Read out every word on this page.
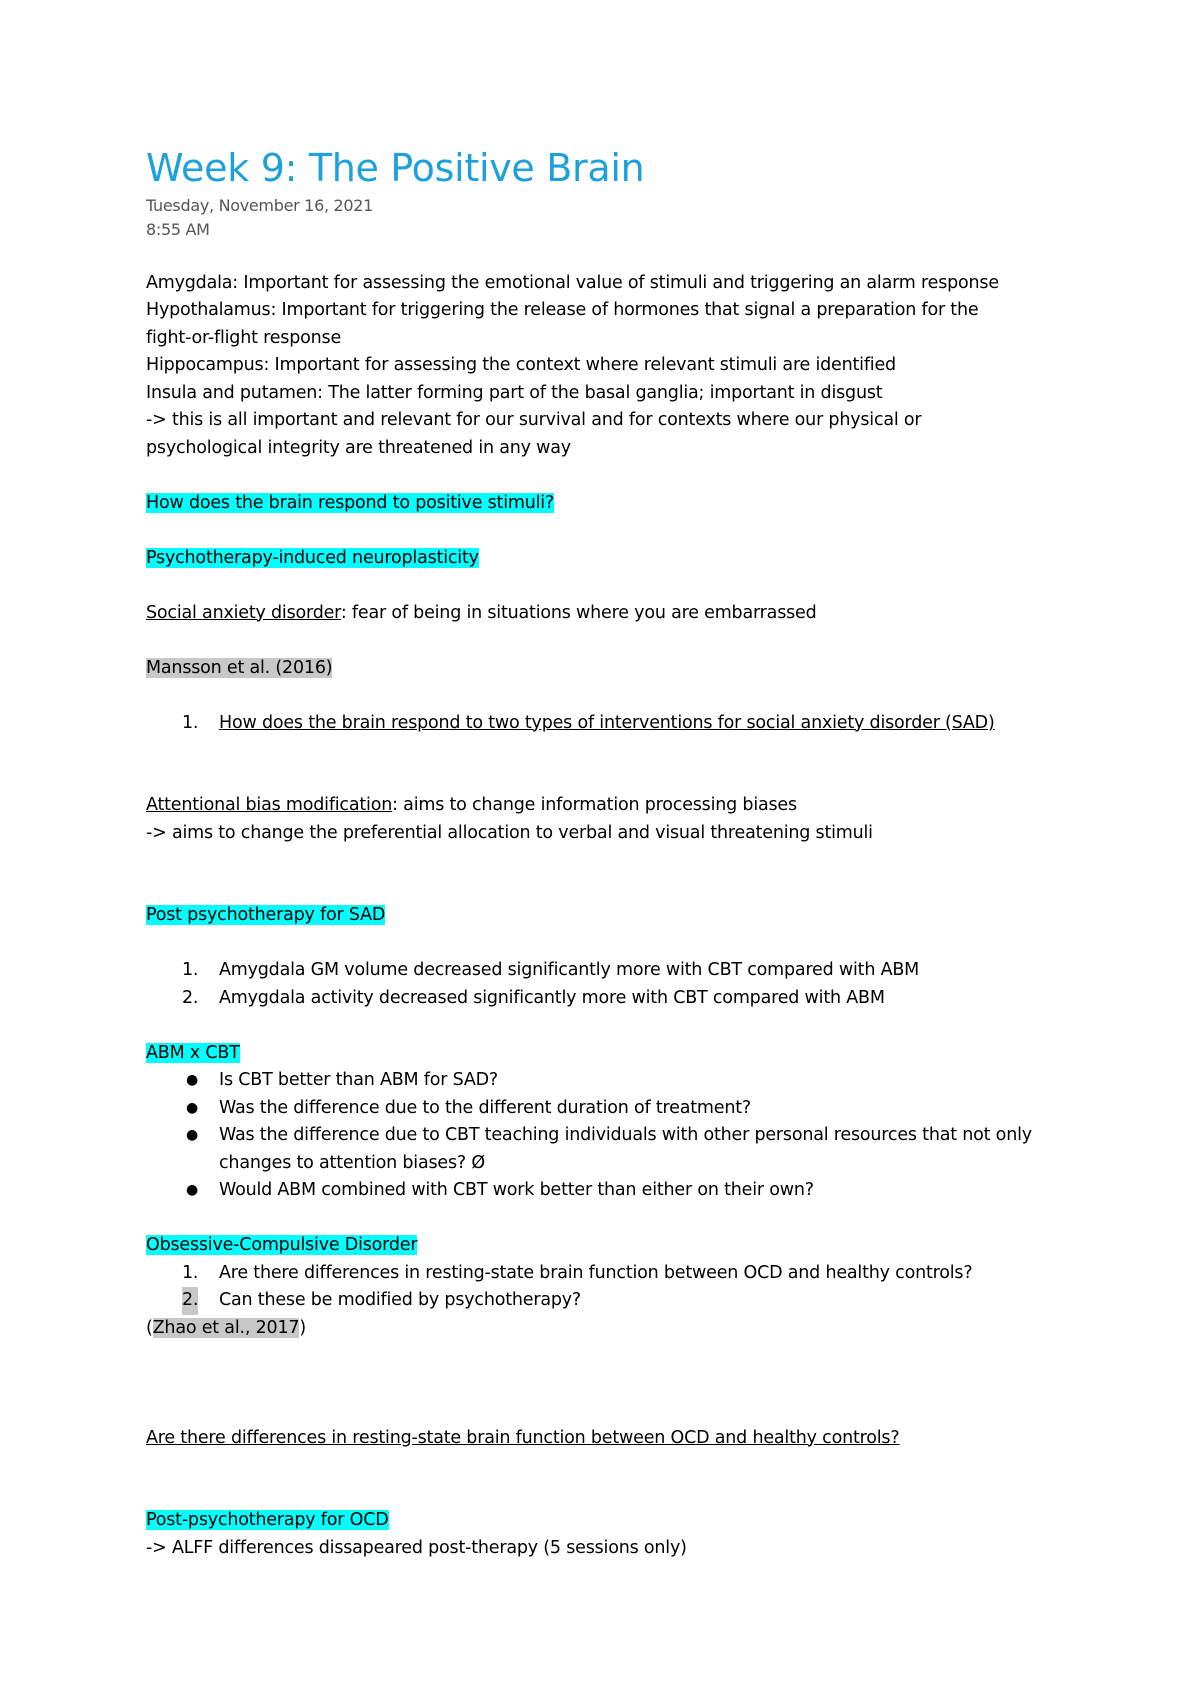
Week 9: The Positive Brain
Tuesday, November 16, 2021
8:55 AM

Amygdala: Important for assessing the emotional value of stimuli and triggering an alarm response

Hypothalamus: Important for triggering the release of hormones that signal a preparation for the

fight-or-flight response

Hippocampus: Important for assessing the context where relevant stimuli are identified

Insula and putamen: The latter forming part of the basal ganglia; important in disgust

-> this is all important and relevant for our survival and for contexts where our physical or

psychological integrity are threatened in any way

How does the brain respond to positive stimuli?

Psychotherapy-induced neuroplasticity

Social anxiety disorder: fear of being in situations where you are embarrassed

Mansson et al. (2016)

1. How does the brain respond to two types of interventions for social anxiety disorder (SAD)

Attentional bias modification: aims to change information processing biases

-> aims to change the preferential allocation to verbal and visual threatening stimuli

Post psychotherapy for SAD

1. Amygdala GM volume decreased significantly more with CBT compared with ABM
2. Amygdala activity decreased significantly more with CBT compared with ABM

ABM x CBT

● Is CBT better than ABM for SAD?
● Was the difference due to the different duration of treatment?
● Was the difference due to CBT teaching individuals with other personal resources that not only changes to attention biases? Ø
● Would ABM combined with CBT work better than either on their own?

Obsessive-Compulsive Disorder

1. Are there differences in resting-state brain function between OCD and healthy controls?
2. Can these be modified by psychotherapy?

(Zhao et al., 2017)

Are there differences in resting-state brain function between OCD and healthy controls?

Post-psychotherapy for OCD

-> ALFF differences dissapeared post-therapy (5 sessions only)
